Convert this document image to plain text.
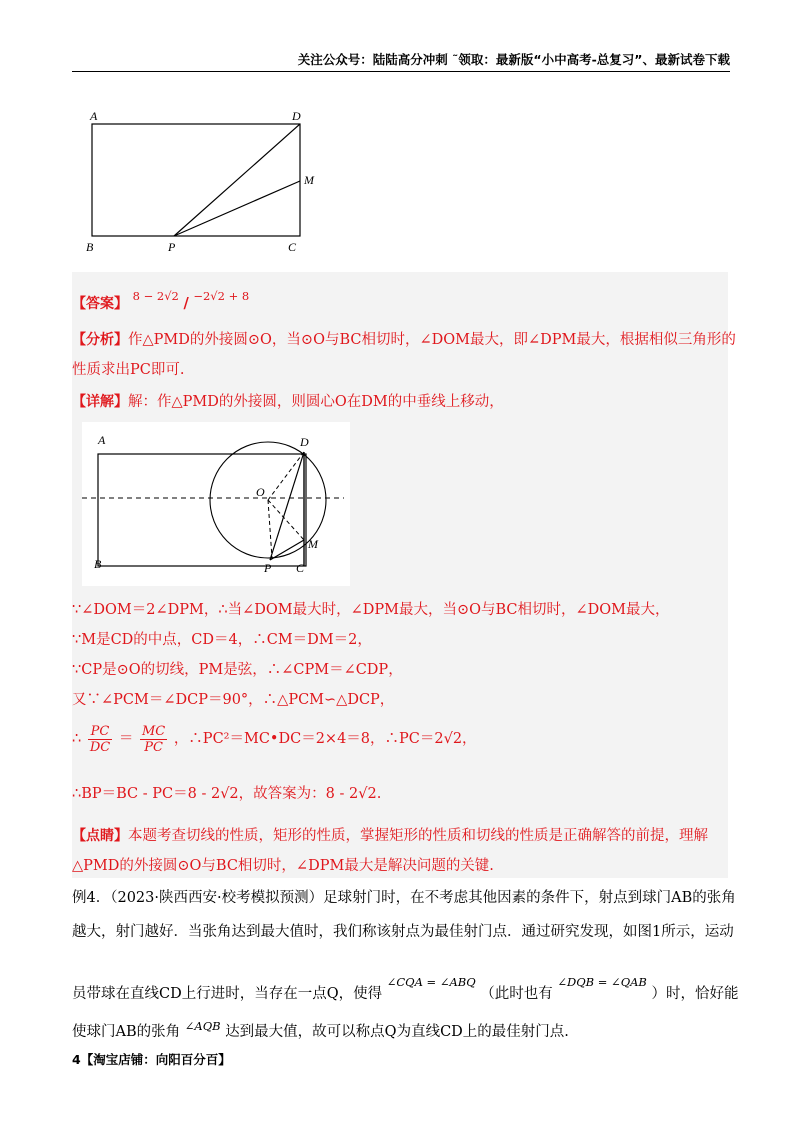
关注公众号：陆陆高分冲刺 ˜领取：最新版“小中高考-总复习”、最新试卷下载
A	D
M
B	P	C
【答案】 $^{8 - 2√2}$ / $^{-2√2 + 8}$
【分析】作△PMD的外接圆⊙O，当⊙O与BC相切时，∠DOM最大，即∠DPM最大，根据相似三角形的
性质求出PC即可.
【详解】解：作△PMD的外接圆，则圆心O在DM的中垂线上移动，
A	D
O
M
B	P C
∵∠DOM＝2∠DPM，∴当∠DOM最大时，∠DPM最大，当⊙O与BC相切时，∠DOM最大，
∵M是CD的中点，CD＝4，∴CM＝DM＝2，
∵CP是⊙O的切线，PM是弦，∴∠CPM＝∠CDP，
又∵∠PCM＝∠DCP＝90°，∴△PCM∽△DCP，
∴ $\frac{PC}{DC} = \frac{MC}{PC}$ ，∴PC²＝MC•DC＝2×4＝8，∴PC＝2√2，
∴BP＝BC - PC＝8 - 2√2，故答案为：8 - 2√2.
【点睛】本题考查切线的性质，矩形的性质，掌握矩形的性质和切线的性质是正确解答的前提，理解
△PMD的外接圆⊙O与BC相切时，∠DPM最大是解决问题的关键.
例4．（2023·陕西西安·校考模拟预测）足球射门时，在不考虑其他因素的条件下，射点到球门AB的张角
越大，射门越好．当张角达到最大值时，我们称该射点为最佳射门点．通过研究发现，如图1所示，运动
员带球在直线CD上行进时，当存在一点Q，使得 $^{\angle CQA = \angle ABQ}$ （此时也有 $^{\angle DQB = \angle QAB}$ ）时，恰好能
使球门AB的张角 $^{\angle AQB}$ 达到最大值，故可以称点Q为直线CD上的最佳射门点.
4【淘宝店铺：向阳百分百】
